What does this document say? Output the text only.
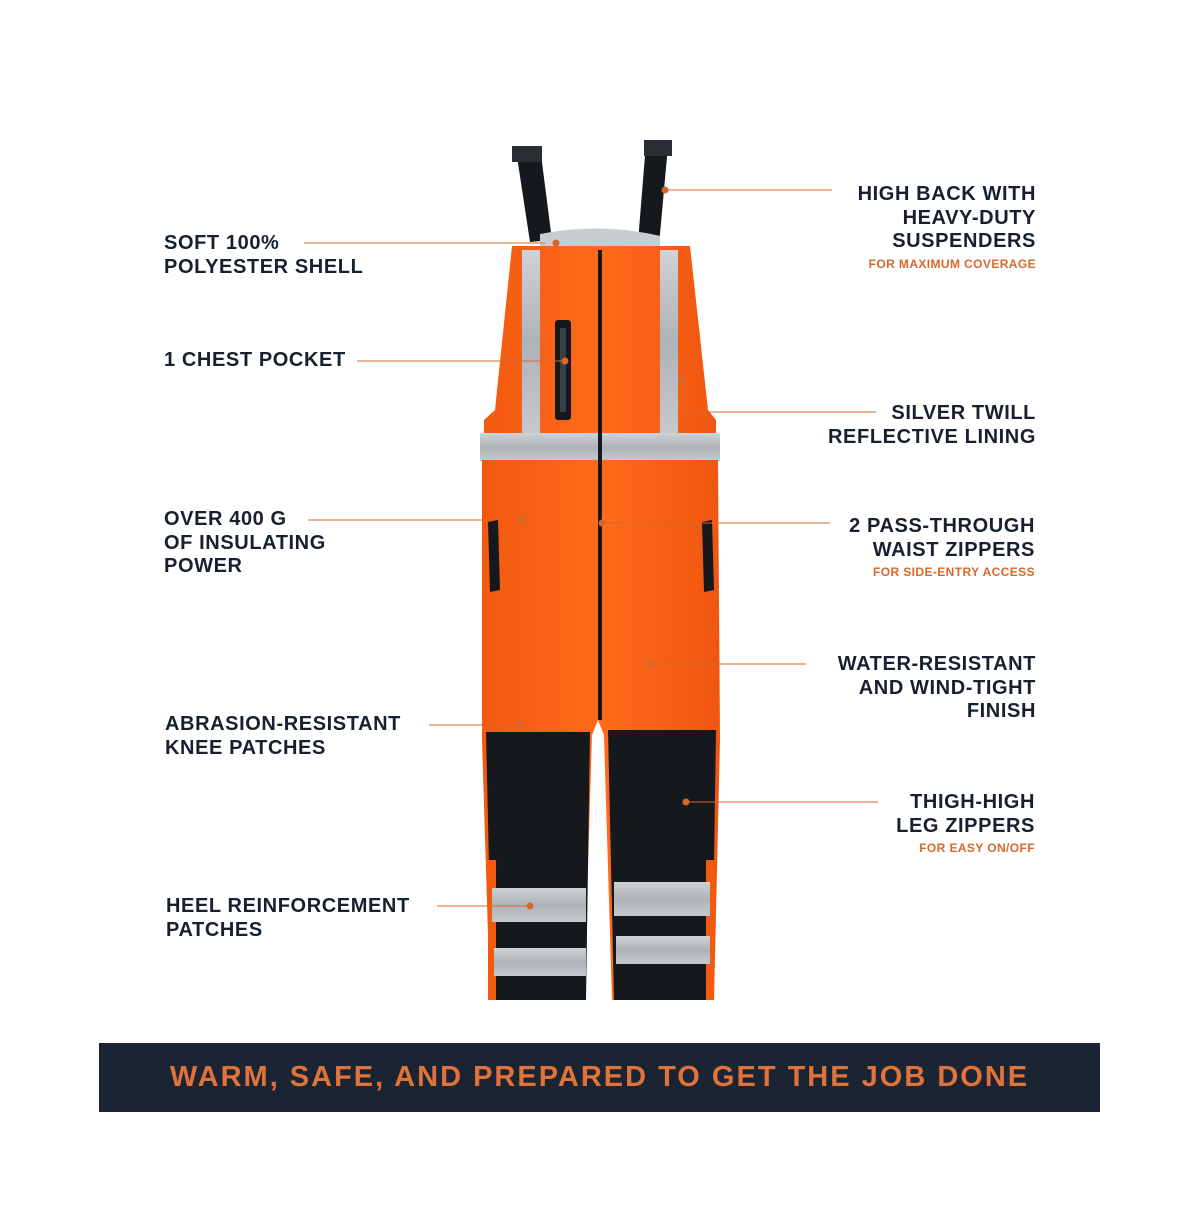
SOFT 100%
POLYESTER SHELL
1 CHEST POCKET
OVER 400 G
OF INSULATING
POWER
ABRASION-RESISTANT
KNEE PATCHES
HEEL REINFORCEMENT
PATCHES
HIGH BACK WITH
HEAVY-DUTY
SUSPENDERS
FOR MAXIMUM COVERAGE
SILVER TWILL
REFLECTIVE LINING
2 PASS-THROUGH
WAIST ZIPPERS
FOR SIDE-ENTRY ACCESS
WATER-RESISTANT
AND WIND-TIGHT
FINISH
THIGH-HIGH
LEG ZIPPERS
FOR EASY ON/OFF
WARM, SAFE, AND PREPARED TO GET THE JOB DONE
